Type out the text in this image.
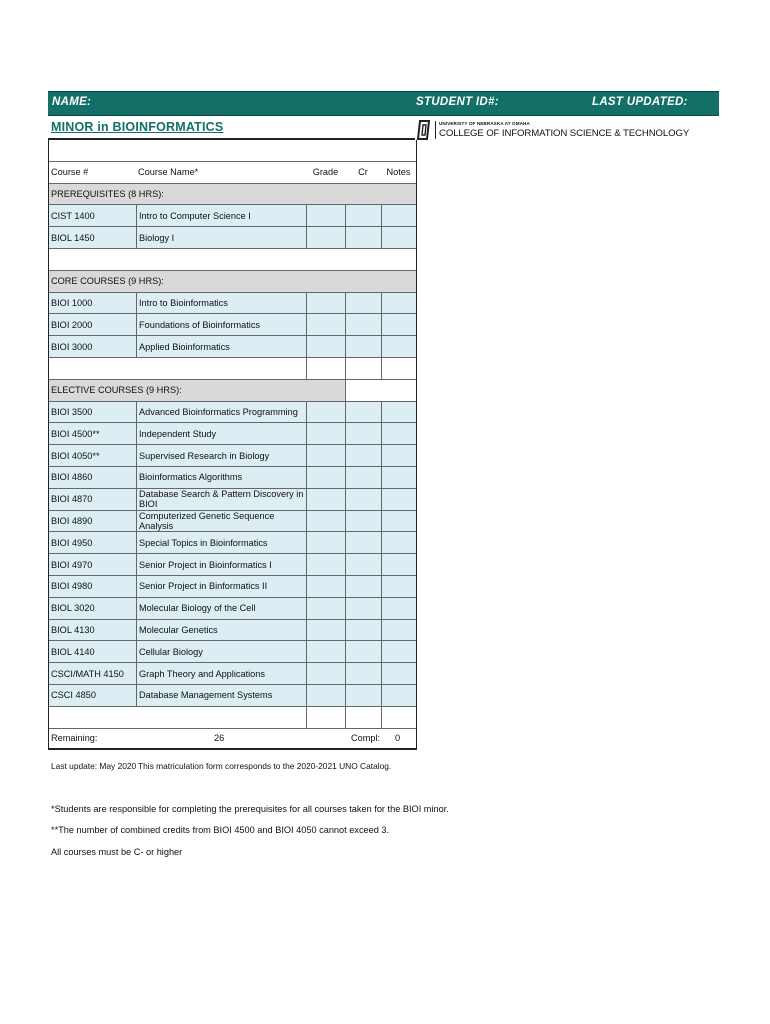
NAME:	STUDENT ID#:	LAST UPDATED:
MINOR in BIOINFORMATICS	UNIVERSITY OF NEBRASKA AT OMAHA
COLLEGE OF INFORMATION SCIENCE & TECHNOLOGY
Course #	Course Name*	Grade	Cr	Notes
PREREQUISITES (8 HRS):
CIST 1400	Intro to Computer Science I
BIOL 1450	Biology I
CORE COURSES (9 HRS):
BIOI 1000	Intro to Bioinformatics
BIOI 2000	Foundations of Bioinformatics
BIOI 3000	Applied Bioinformatics
ELECTIVE COURSES (9 HRS):
BIOI 3500	Advanced Bioinformatics Programming
BIOI 4500**	Independent Study
BIOI 4050**	Supervised Research in Biology
BIOI 4860	Bioinformatics Algorithms
BIOI 4870	Database Search & Pattern Discovery in BIOI
BIOI 4890	Computerized Genetic Sequence Analysis
BIOI 4950	Special Topics in Bioinformatics
BIOI 4970	Senior Project in Bioinformatics I
BIOI 4980	Senior Project in Binformatics II
BIOL 3020	Molecular Biology of the Cell
BIOL 4130	Molecular Genetics
BIOL 4140	Cellular Biology
CSCI/MATH 4150	Graph Theory and Applications
CSCI 4850	Database Management Systems
Remaining:	26	Compl: 0
Last update: May 2020 This matriculation form corresponds to the 2020-2021 UNO Catalog.
*Students are responsible for completing the prerequisites for all courses taken for the BIOI minor.
**The number of combined credits from BIOI 4500 and BIOI 4050 cannot exceed 3.
All courses must be C- or higher
